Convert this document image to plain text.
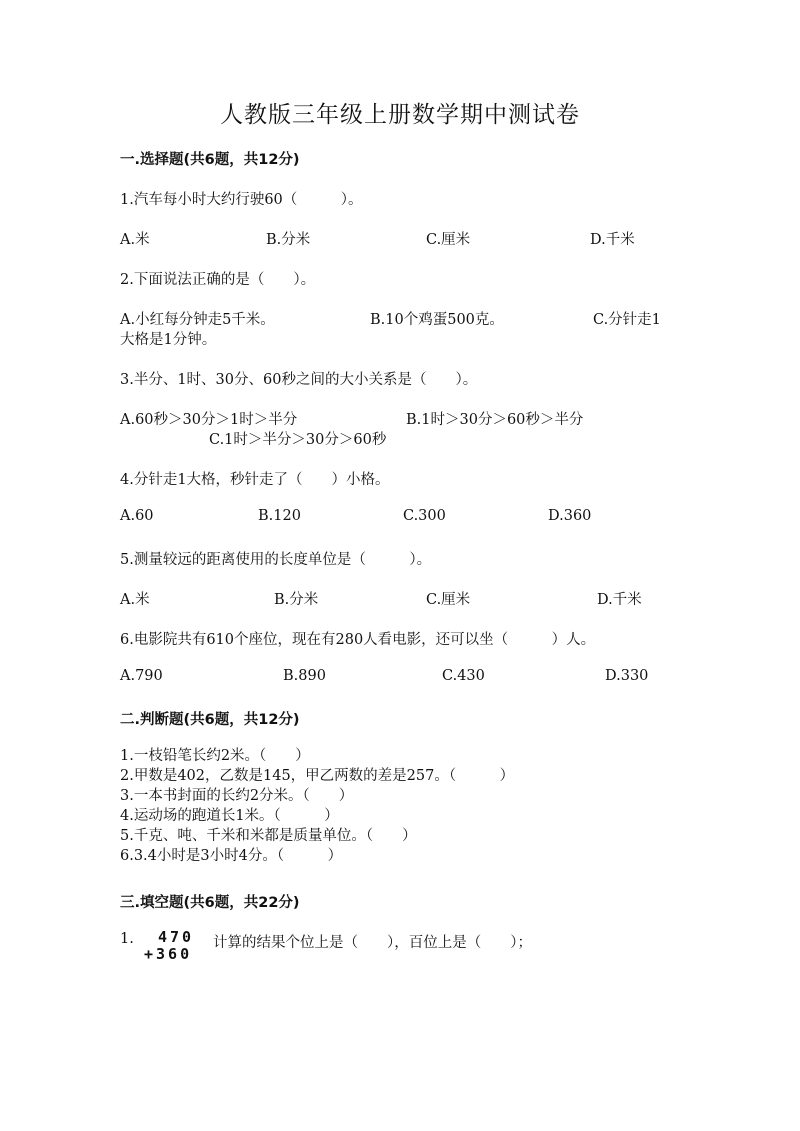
人教版三年级上册数学期中测试卷
一.选择题(共6题，共12分)
1.汽车每小时大约行驶60（　　　）。
A.米	B.分米	C.厘米	D.千米
2.下面说法正确的是（　　）。
A.小红每分钟走5千米。	B.10个鸡蛋500克。	C.分针走1
大格是1分钟。
3.半分、1时、30分、60秒之间的大小关系是（　　）。
A.60秒＞30分＞1时＞半分	B.1时＞30分＞60秒＞半分
C.1时＞半分＞30分＞60秒
4.分针走1大格，秒针走了（　　）小格。
A.60	B.120	C.300	D.360
5.测量较远的距离使用的长度单位是（　　　）。
A.米	B.分米	C.厘米	D.千米
6.电影院共有610个座位，现在有280人看电影，还可以坐（　　　）人。
A.790	B.890	C.430	D.330
二.判断题(共6题，共12分)
1.一枝铅笔长约2米。（　　）
2.甲数是402，乙数是145，甲乙两数的差是257。（　　　）
3.一本书封面的长约2分米。（　　）
4.运动场的跑道长1米。（　　　）
5.千克、吨、千米和米都是质量单位。（　　）
6.3.4小时是3小时4分。（　　　）
三.填空题(共6题，共22分)
1. 470
+360
计算的结果个位上是（　　），百位上是（　　）；
